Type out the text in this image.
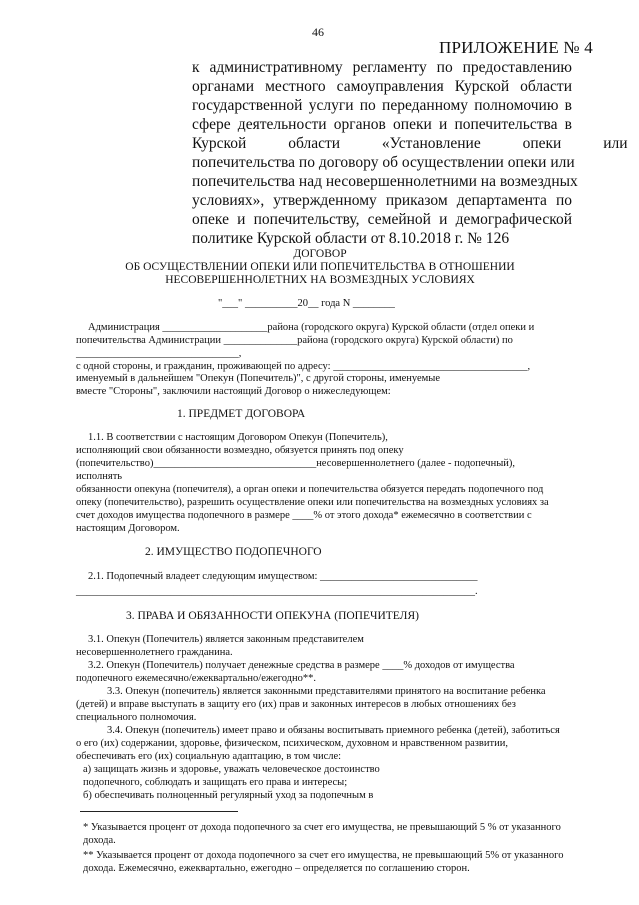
46
ПРИЛОЖЕНИЕ № 4
к административному регламенту по предоставлению
органами местного самоуправления Курской области
государственной услуги по переданному полномочию в
сфере деятельности органов опеки и попечительства в
Курской области «Установление опеки или
попечительства по договору об осуществлении опеки или
попечительства над несовершеннолетними на возмездных
условиях», утвержденному приказом департамента по
опеке и попечительству, семейной и демографической
политике Курской области от 8.10.2018 г. № 126
ДОГОВОР
ОБ ОСУЩЕСТВЛЕНИИ ОПЕКИ ИЛИ ПОПЕЧИТЕЛЬСТВА В ОТНОШЕНИИ
НЕСОВЕРШЕННОЛЕТНИХ НА ВОЗМЕЗДНЫХ УСЛОВИЯХ
"___" __________20__ года N ________
Администрация ____________________района (городского округа) Курской области (отдел опеки и
попечительства Администрации ______________района (городского округа) Курской области) по
_______________________________,
с одной стороны, и гражданин, проживающей по адресу: _____________________________________,
именуемый в дальнейшем "Опекун (Попечитель)", с другой стороны, именуемые
вместе "Стороны", заключили настоящий Договор о нижеследующем:
1. ПРЕДМЕТ ДОГОВОРА
1.1. В соответствии с настоящим Договором Опекун (Попечитель),
исполняющий свои обязанности возмездно, обязуется принять под опеку
(попечительство)_______________________________несовершеннолетнего (далее - подопечный),
исполнять
обязанности опекуна (попечителя), а орган опеки и попечительства обязуется передать подопечного под
опеку (попечительство), разрешить осуществление опеки или попечительства на возмездных условиях за
счет доходов имущества подопечного в размере ____% от этого дохода* ежемесячно в соответствии с
настоящим Договором.
2. ИМУЩЕСТВО ПОДОПЕЧНОГО
2.1. Подопечный владеет следующим имуществом: ______________________________
____________________________________________________________________________.
3. ПРАВА И ОБЯЗАННОСТИ ОПЕКУНА (ПОПЕЧИТЕЛЯ)
3.1. Опекун (Попечитель) является законным представителем
несовершеннолетнего гражданина.
3.2. Опекун (Попечитель) получает денежные средства в размере ____% доходов от имущества
подопечного ежемесячно/ежеквартально/ежегодно**.
3.3. Опекун (попечитель) является законными представителями принятого на воспитание ребенка
(детей) и вправе выступать в защиту его (их) прав и законных интересов в любых отношениях без
специального полномочия.
3.4. Опекун (попечитель) имеет право и обязаны воспитывать приемного ребенка (детей), заботиться
о его (их) содержании, здоровье, физическом, психическом, духовном и нравственном развитии,
обеспечивать его (их) социальную адаптацию, в том числе:
а) защищать жизнь и здоровье, уважать человеческое достоинство
подопечного, соблюдать и защищать его права и интересы;
б) обеспечивать полноценный регулярный уход за подопечным в
* Указывается процент от дохода подопечного за счет его имущества, не превышающий 5 % от указанного
дохода.
** Указывается процент от дохода подопечного за счет его имущества, не превышающий 5% от указанного
дохода. Ежемесячно, ежеквартально, ежегодно – определяется по соглашению сторон.
